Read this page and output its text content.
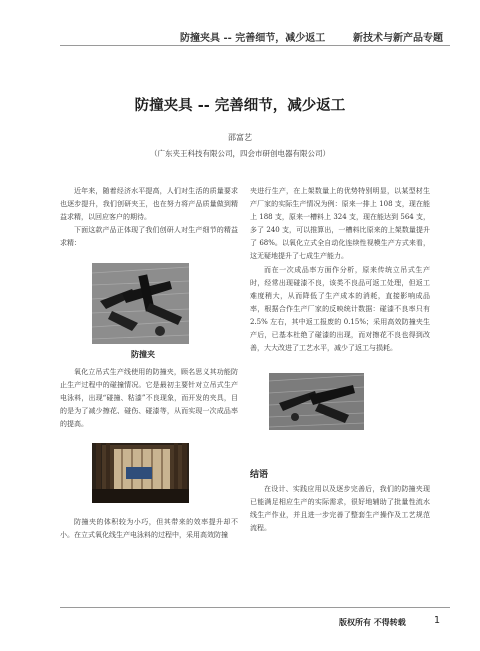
防撞夹具 -- 完善细节，减少返工	新技术与新产品专题
防撞夹具 -- 完善细节，减少返工
邵富艺
（广东夹王科技有限公司，四会市研创电器有限公司）

近年来，随着经济水平提高，人们对生活的质量要求也逐步提升，我们创研夹王，也在努力将产品质量做到精益求精，以回应客户的期待。

下面这款产品正体现了我们创研人对生产细节的精益求精：

防撞夹

氧化立吊式生产线使用的防撞夹，顾名思义其功能防止生产过程中的碰撞情况。它是最初主要针对立吊式生产电泳料，出现“碰撞、粘漆”不良现象，而开发的夹具，目的是为了减少擦花、碰伤、碰漆等，从而实现一次成品率的提高。

防撞夹的体积较为小巧，但其带来的效率提升却不小。在立式氧化线生产电泳料的过程中，采用高效防撞

夹进行生产，在上架数量上的优势特别明显，以某型材生产厂家的实际生产情况为例：原来一排上 108 支，现在能上 188 支，原来一槽料上 324 支，现在能达到 564 支，多了 240 支，可以推算出，一槽料比原来的上架数量提升了 68%。以氧化立式全自动化连续性视模生产方式来看，这无疑地提升了七成生产能力。

而在一次成品率方面作分析，原来传统立吊式生产时，经常出现碰漆不良，该类不良品可返工处理，但返工难度稍大，从而降低了生产成本的消耗，直接影响成品率，根据合作生产厂家的反映统计数据：碰漆不良率只有 2.5% 左右，其中返工报废的 0.15%；采用高效防撞夹生产后，已基本杜绝了碰漆的出现，而对擦花不良也得到改善，大大改进了工艺水平，减少了返工与损耗。

结语

在设计、实践应用以及逐步完善后，我们的防撞夹现已能满足相应生产的实际需求，很好地辅助了批量性流水线生产作业，并且进一步完善了整套生产操作及工艺规范流程。

版权所有 不得转载	1
